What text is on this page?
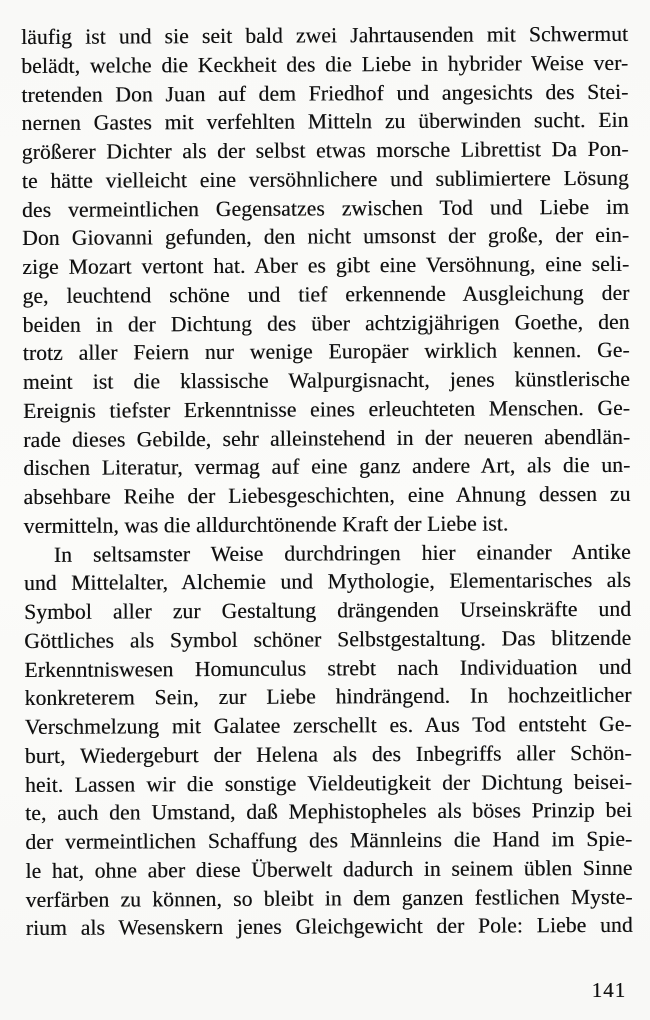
läufig ist und sie seit bald zwei Jahrtausenden mit Schwermut
belädt, welche die Keckheit des die Liebe in hybrider Weise ver-
tretenden Don Juan auf dem Friedhof und angesichts des Stei-
nernen Gastes mit verfehlten Mitteln zu überwinden sucht. Ein
größerer Dichter als der selbst etwas morsche Librettist Da Pon-
te hätte vielleicht eine versöhnlichere und sublimiertere Lösung
des vermeintlichen Gegensatzes zwischen Tod und Liebe im
Don Giovanni gefunden, den nicht umsonst der große, der ein-
zige Mozart vertont hat. Aber es gibt eine Versöhnung, eine seli-
ge, leuchtend schöne und tief erkennende Ausgleichung der
beiden in der Dichtung des über achtzigjährigen Goethe, den
trotz aller Feiern nur wenige Europäer wirklich kennen. Ge-
meint ist die klassische Walpurgisnacht, jenes künstlerische
Ereignis tiefster Erkenntnisse eines erleuchteten Menschen. Ge-
rade dieses Gebilde, sehr alleinstehend in der neueren abendlän-
dischen Literatur, vermag auf eine ganz andere Art, als die un-
absehbare Reihe der Liebesgeschichten, eine Ahnung dessen zu
vermitteln, was die alldurchtönende Kraft der Liebe ist.
In seltsamster Weise durchdringen hier einander Antike
und Mittelalter, Alchemie und Mythologie, Elementarisches als
Symbol aller zur Gestaltung drängenden Urseinskräfte und
Göttliches als Symbol schöner Selbstgestaltung. Das blitzende
Erkenntniswesen Homunculus strebt nach Individuation und
konkreterem Sein, zur Liebe hindrängend. In hochzeitlicher
Verschmelzung mit Galatee zerschellt es. Aus Tod entsteht Ge-
burt, Wiedergeburt der Helena als des Inbegriffs aller Schön-
heit. Lassen wir die sonstige Vieldeutigkeit der Dichtung beisei-
te, auch den Umstand, daß Mephistopheles als böses Prinzip bei
der vermeintlichen Schaffung des Männleins die Hand im Spie-
le hat, ohne aber diese Überwelt dadurch in seinem üblen Sinne
verfärben zu können, so bleibt in dem ganzen festlichen Myste-
rium als Wesenskern jenes Gleichgewicht der Pole: Liebe und
141
